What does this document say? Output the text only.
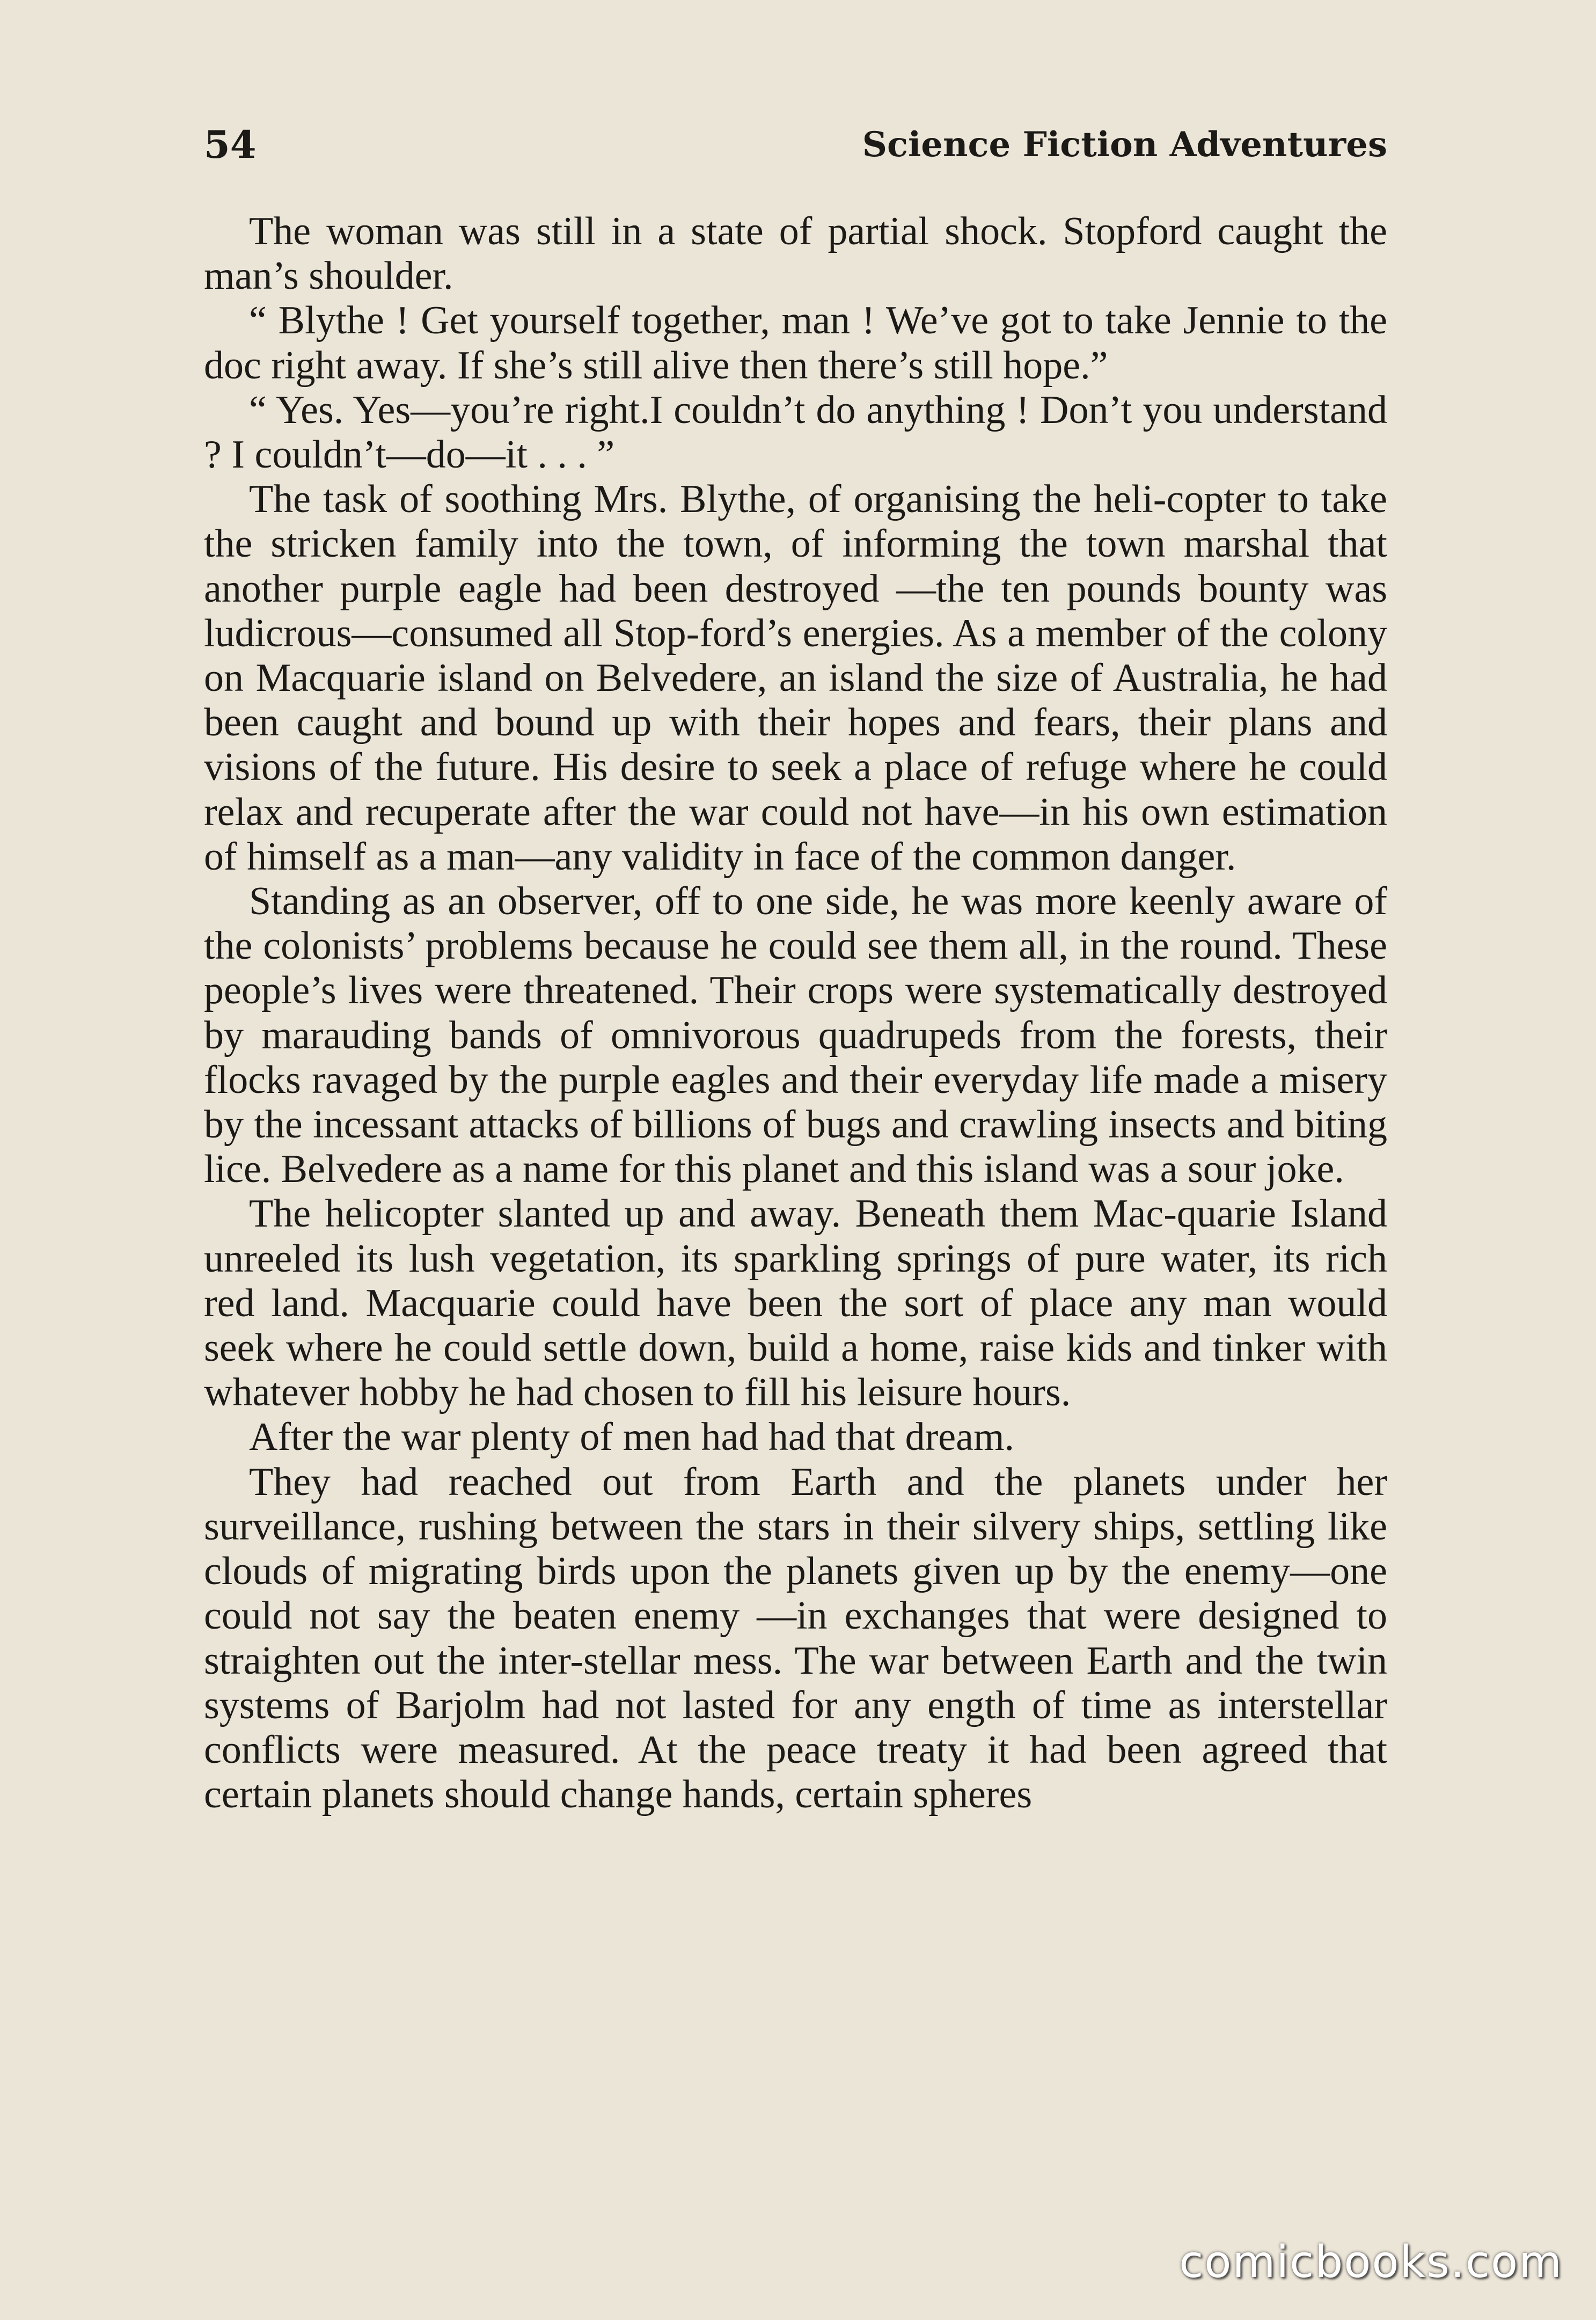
54	Science Fiction Adventures

The woman was still in a state of partial shock. Stopford caught the man’s shoulder.

“ Blythe ! Get yourself together, man ! We’ve got to take Jennie to the doc right away. If she’s still alive then there’s still hope.”

“ Yes. Yes—you’re right.I couldn’t do anything ! Don’t you understand ? I couldn’t—do—it . . . ”

The task of soothing Mrs. Blythe, of organising the heli-copter to take the stricken family into the town, of informing the town marshal that another purple eagle had been destroyed —the ten pounds bounty was ludicrous—consumed all Stop-ford’s energies. As a member of the colony on Macquarie island on Belvedere, an island the size of Australia, he had been caught and bound up with their hopes and fears, their plans and visions of the future. His desire to seek a place of refuge where he could relax and recuperate after the war could not have—in his own estimation of himself as a man—any validity in face of the common danger.

Standing as an observer, off to one side, he was more keenly aware of the colonists’ problems because he could see them all, in the round. These people’s lives were threatened. Their crops were systematically destroyed by marauding bands of omnivorous quadrupeds from the forests, their flocks ravaged by the purple eagles and their everyday life made a misery by the incessant attacks of billions of bugs and crawling insects and biting lice. Belvedere as a name for this planet and this island was a sour joke.

The helicopter slanted up and away. Beneath them Mac-quarie Island unreeled its lush vegetation, its sparkling springs of pure water, its rich red land. Macquarie could have been the sort of place any man would seek where he could settle down, build a home, raise kids and tinker with whatever hobby he had chosen to fill his leisure hours.

After the war plenty of men had had that dream.

They had reached out from Earth and the planets under her surveillance, rushing between the stars in their silvery ships, settling like clouds of migrating birds upon the planets given up by the enemy—one could not say the beaten enemy —in exchanges that were designed to straighten out the inter-stellar mess. The war between Earth and the twin systems of Barjolm had not lasted for any ength of time as interstellar conflicts were measured. At the peace treaty it had been agreed that certain planets should change hands, certain spheres

comicbooks.com
